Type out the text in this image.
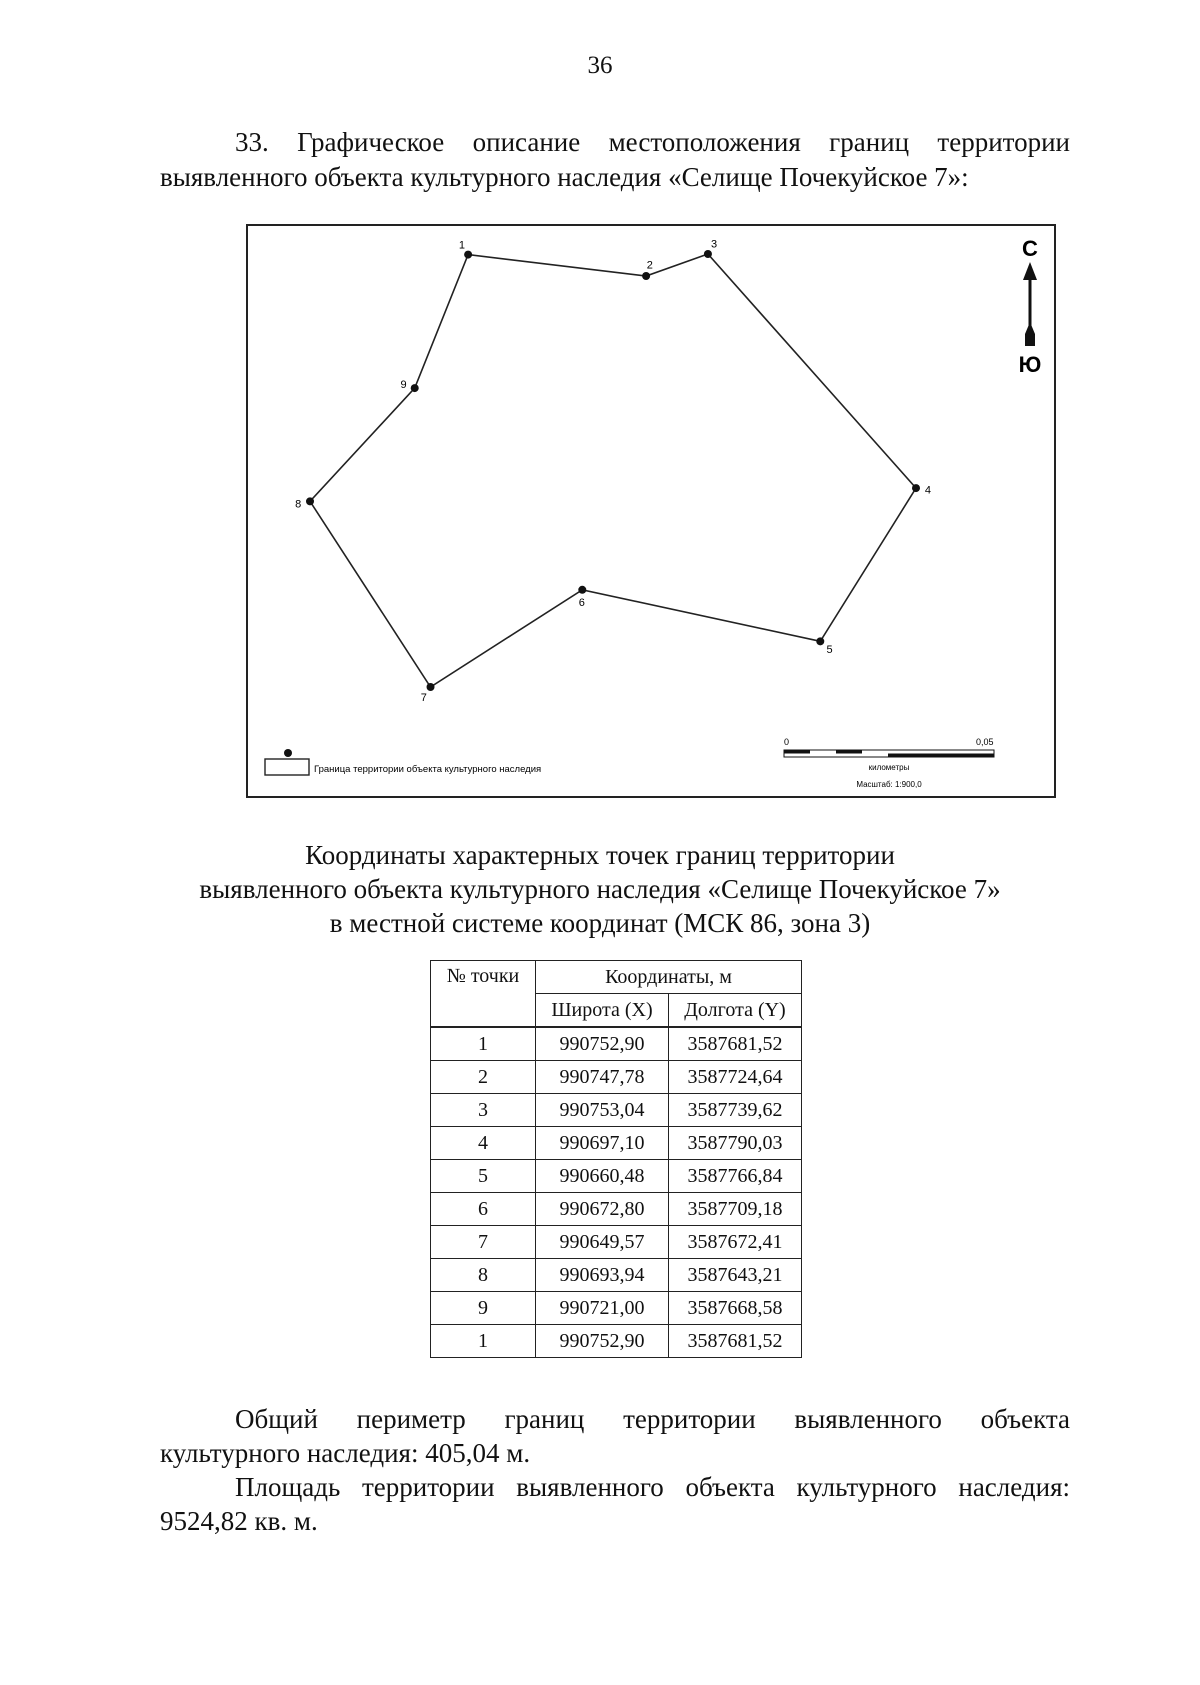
36
33. Графическое описание местоположения границ территории
выявленного объекта культурного наследия «Селище Почекуйское 7»:
1
2
3
4
5
6
7
8
9
С
Ю
Граница территории объекта культурного наследия
0	0,05
километры
Масштаб: 1:900,0
Координаты характерных точек границ территории
выявленного объекта культурного наследия «Селище Почекуйское 7»
в местной системе координат (МСК 86, зона 3)
№ точки	Координаты, м	
	Широта (X)	Долгота (Y)
1	990752,90	3587681,52
2	990747,78	3587724,64
3	990753,04	3587739,62
4	990697,10	3587790,03
5	990660,48	3587766,84
6	990672,80	3587709,18
7	990649,57	3587672,41
8	990693,94	3587643,21
9	990721,00	3587668,58
1	990752,90	3587681,52
Общий периметр границ территории выявленного объекта
культурного наследия: 405,04 м.
Площадь территории выявленного объекта культурного наследия:
9524,82 кв. м.
